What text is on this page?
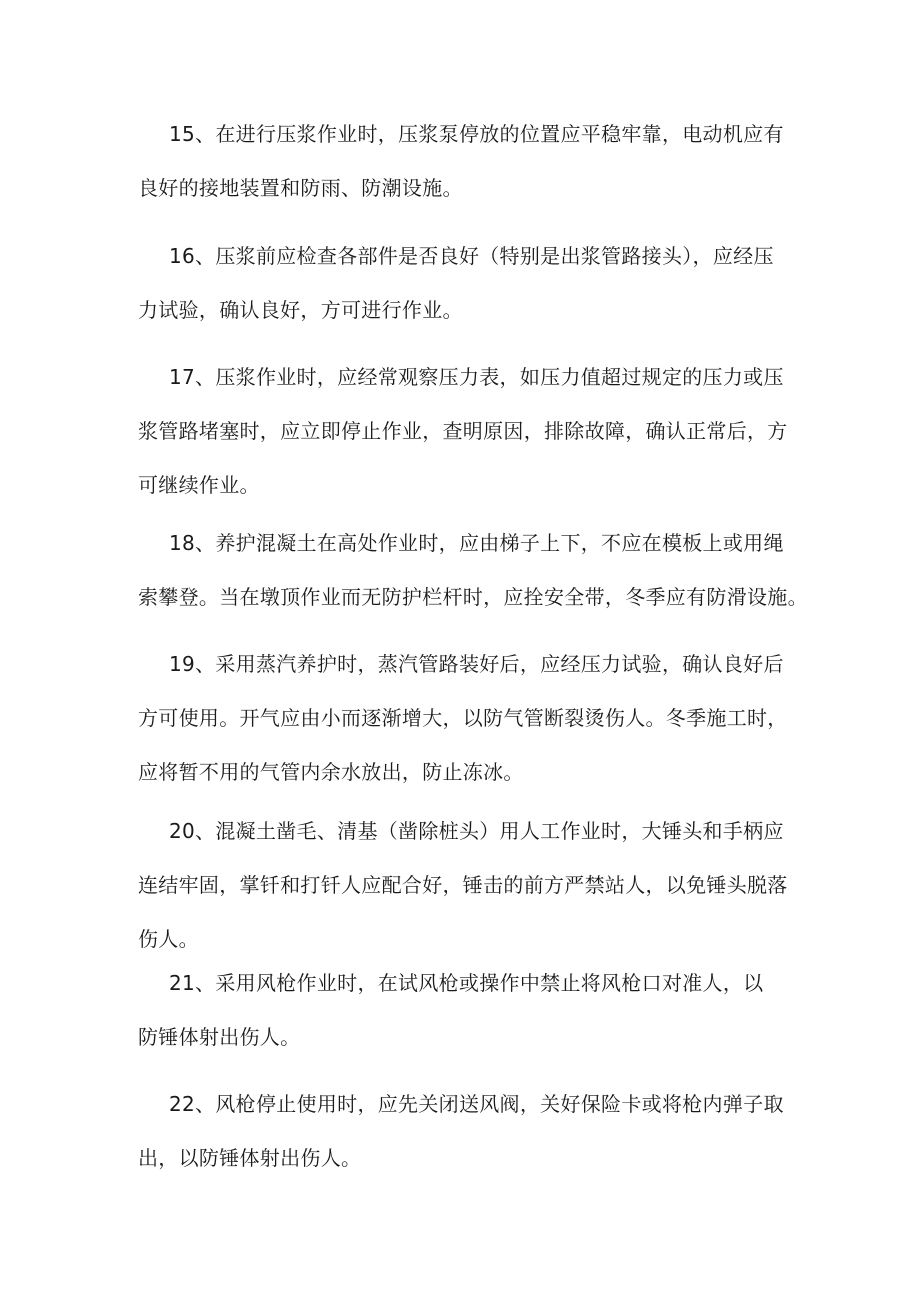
15、在进行压浆作业时，压浆泵停放的位置应平稳牢靠，电动机应有
良好的接地装置和防雨、防潮设施。
16、压浆前应检查各部件是否良好（特别是出浆管路接头），应经压
力试验，确认良好，方可进行作业。
17、压浆作业时，应经常观察压力表，如压力值超过规定的压力或压
浆管路堵塞时，应立即停止作业，查明原因，排除故障，确认正常后，方
可继续作业。
18、养护混凝土在高处作业时，应由梯子上下，不应在模板上或用绳
索攀登。当在墩顶作业而无防护栏杆时，应拴安全带，冬季应有防滑设施。
19、采用蒸汽养护时，蒸汽管路装好后，应经压力试验，确认良好后
方可使用。开气应由小而逐渐增大，以防气管断裂烫伤人。冬季施工时，
应将暂不用的气管内余水放出，防止冻冰。
20、混凝土凿毛、清基（凿除桩头）用人工作业时，大锤头和手柄应
连结牢固，掌钎和打钎人应配合好，锤击的前方严禁站人，以免锤头脱落
伤人。
21、采用风枪作业时，在试风枪或操作中禁止将风枪口对准人，以
防锤体射出伤人。
22、风枪停止使用时，应先关闭送风阀，关好保险卡或将枪内弹子取
出，以防锤体射出伤人。
